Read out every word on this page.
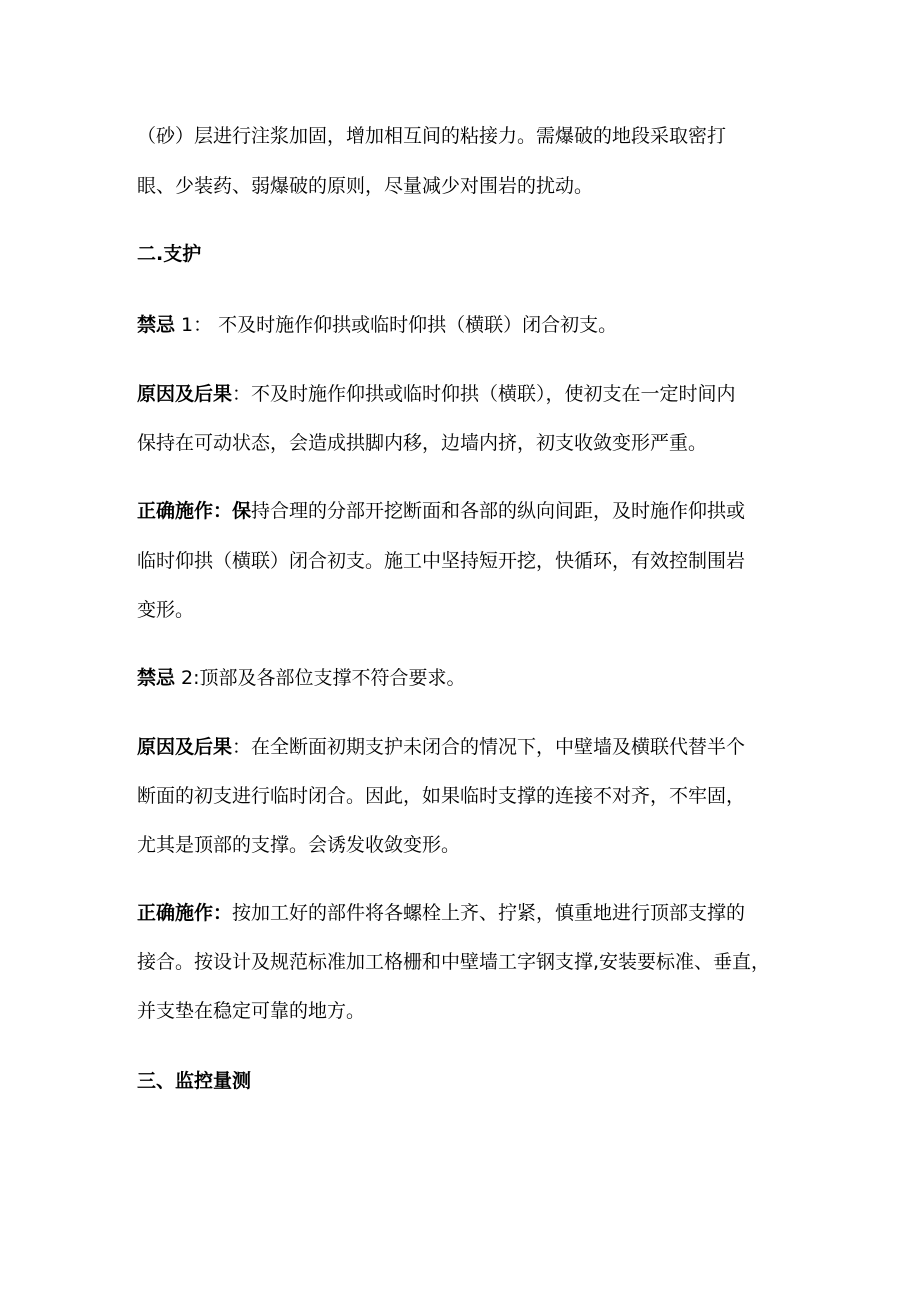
（砂）层进行注浆加固，增加相互间的粘接力。需爆破的地段采取密打
眼、少装药、弱爆破的原则，尽量减少对围岩的扰动。
二.支护
禁忌 1： 不及时施作仰拱或临时仰拱（横联）闭合初支。
原因及后果：不及时施作仰拱或临时仰拱（横联），使初支在一定时间内
保持在可动状态，会造成拱脚内移，边墙内挤，初支收敛变形严重。
正确施作：保持合理的分部开挖断面和各部的纵向间距，及时施作仰拱或
临时仰拱（横联）闭合初支。施工中坚持短开挖，快循环，有效控制围岩
变形。
禁忌 2:顶部及各部位支撑不符合要求。
原因及后果：在全断面初期支护未闭合的情况下，中壁墙及横联代替半个
断面的初支进行临时闭合。因此，如果临时支撑的连接不对齐，不牢固，
尤其是顶部的支撑。会诱发收敛变形。
正确施作：按加工好的部件将各螺栓上齐、拧紧，慎重地进行顶部支撑的
接合。按设计及规范标准加工格栅和中壁墙工字钢支撑,安装要标准、垂直，
并支垫在稳定可靠的地方。
三、监控量测
